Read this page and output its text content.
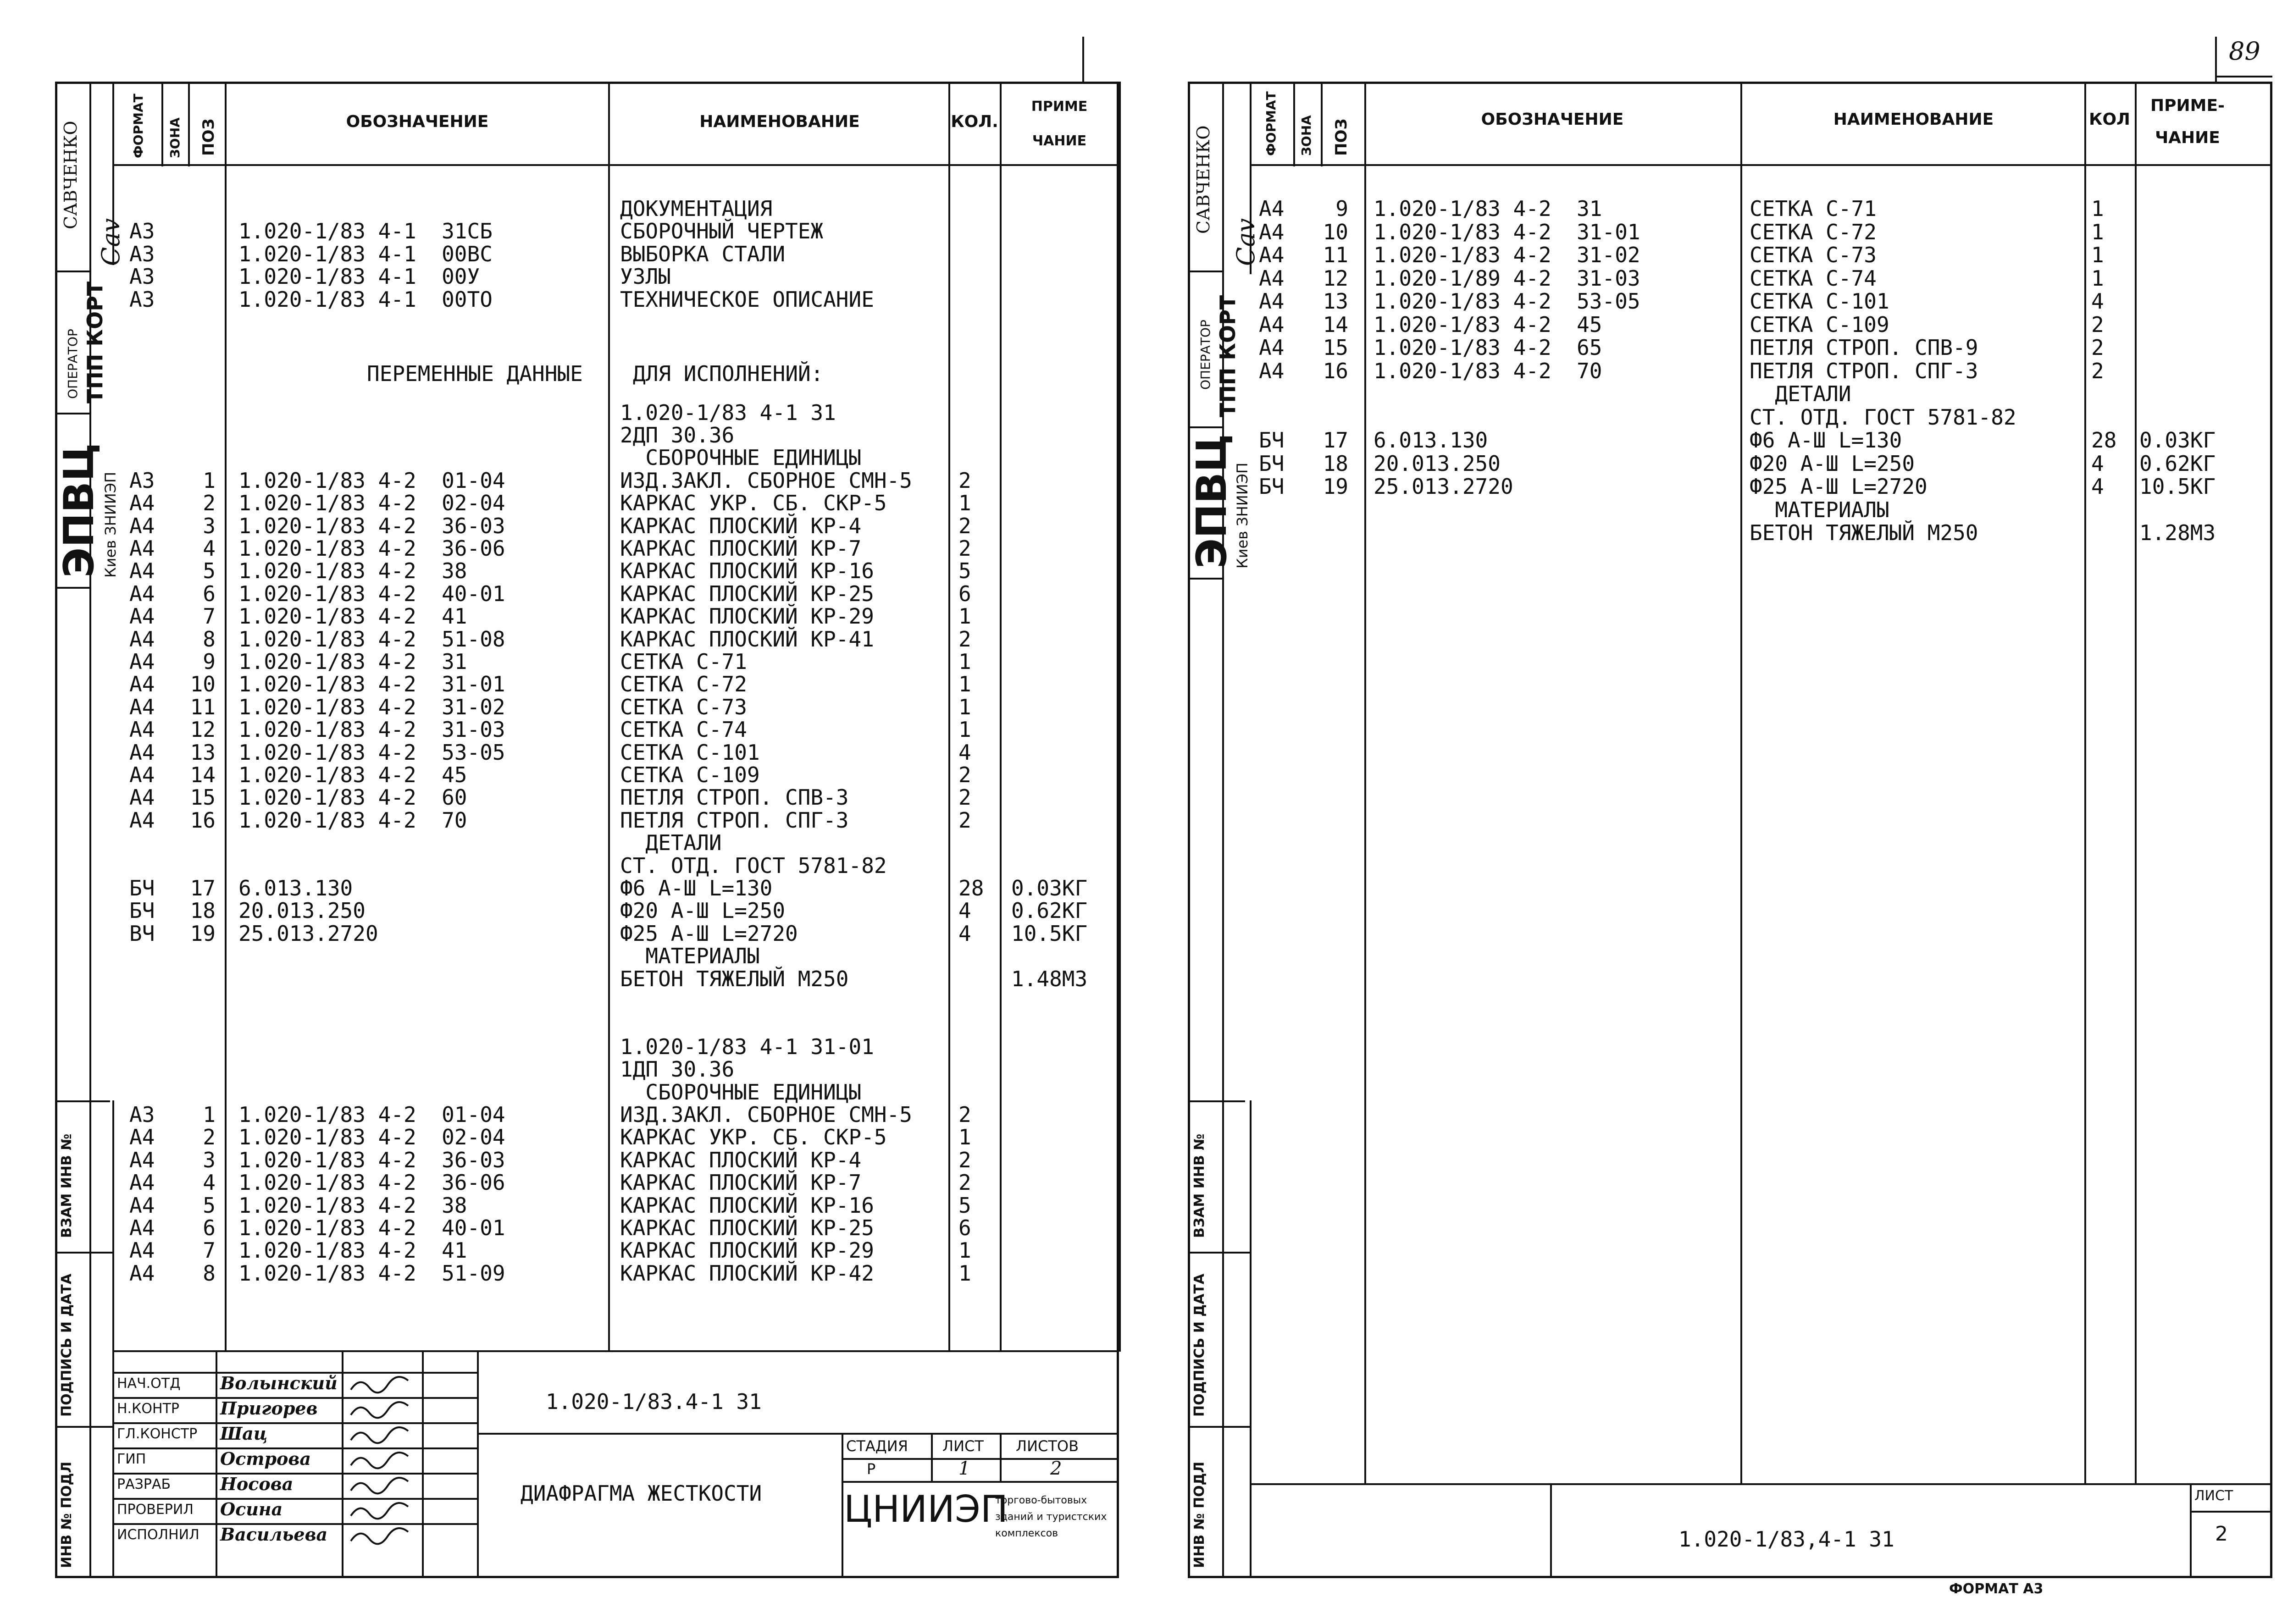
САВЧЕНКО
ОПЕРАТОР ТПП КОРТ
ЭПВЦ
Киев ЗНИИЭП
Сav
ВЗАМ ИНВ №
ПОДПИСЬ И ДАТА
ИНВ № ПОДЛ
ФОРМАТ ЗОНА ПОЗ	ОБОЗНАЧЕНИЕ	НАИМЕНОВАНИЕ	КОЛ.
ПРИМЕ
ЧАНИЕ
ДОКУМЕНТАЦИЯ
А3	1.020-1/83 4-1  31СБ	СБОРОЧНЫЙ ЧЕРТЕЖ
А3	1.020-1/83 4-1  00ВС	ВЫБОРКА СТАЛИ
А3	1.020-1/83 4-1  00У	УЗЛЫ
А3	1.020-1/83 4-1  00ТО	ТЕХНИЧЕСКОЕ ОПИСАНИЕ
1.020-1/83 4-1 31
2ДП 30.36
СБОРОЧНЫЕ ЕДИНИЦЫ
А3	1 1.020-1/83 4-2  01-04	ИЗД.ЗАКЛ. СБОРНОЕ СМН-5 2
А4	2 1.020-1/83 4-2  02-04	КАРКАС УКР. СБ. СКР-5	1
А4	3 1.020-1/83 4-2  36-03	КАРКАС ПЛОСКИЙ КР-4	2
А4	4 1.020-1/83 4-2  36-06	КАРКАС ПЛОСКИЙ КР-7	2
А4	5 1.020-1/83 4-2  38	КАРКАС ПЛОСКИЙ КР-16	5
А4	6 1.020-1/83 4-2  40-01	КАРКАС ПЛОСКИЙ КР-25	6
А4	7 1.020-1/83 4-2  41	КАРКАС ПЛОСКИЙ КР-29	1
А4	8 1.020-1/83 4-2  51-08	КАРКАС ПЛОСКИЙ КР-41	2
А4	9 1.020-1/83 4-2  31	СЕТКА С-71	1
А4	10 1.020-1/83 4-2  31-01	СЕТКА С-72	1
А4	11 1.020-1/83 4-2  31-02	СЕТКА С-73	1
А4	12 1.020-1/83 4-2  31-03	СЕТКА С-74	1
А4	13 1.020-1/83 4-2  53-05	СЕТКА С-101	4
А4	14 1.020-1/83 4-2  45	СЕТКА С-109	2
А4	15 1.020-1/83 4-2  60	ПЕТЛЯ СТРОП. СПВ-3	2
А4	16 1.020-1/83 4-2  70	ПЕТЛЯ СТРОП. СПГ-3	2
ДЕТАЛИ
СТ. ОТД. ГОСТ 5781-82
БЧ	17 6.013.130	Ф6 А-Ш L=130	28 0.03КГ
БЧ	18 20.013.250	Ф20 А-Ш L=250	4 0.62КГ
ВЧ	19 25.013.2720	Ф25 А-Ш L=2720	4 10.5КГ
МАТЕРИАЛЫ
БЕТОН ТЯЖЕЛЫЙ М250	1.48М3
1.020-1/83 4-1 31-01
1ДП 30.36
СБОРОЧНЫЕ ЕДИНИЦЫ
А3	1 1.020-1/83 4-2  01-04	ИЗД.ЗАКЛ. СБОРНОЕ СМН-5 2
А4	2 1.020-1/83 4-2  02-04	КАРКАС УКР. СБ. СКР-5	1
А4	3 1.020-1/83 4-2  36-03	КАРКАС ПЛОСКИЙ КР-4	2
А4	4 1.020-1/83 4-2  36-06	КАРКАС ПЛОСКИЙ КР-7	2
А4	5 1.020-1/83 4-2  38	КАРКАС ПЛОСКИЙ КР-16	5
А4	6 1.020-1/83 4-2  40-01	КАРКАС ПЛОСКИЙ КР-25	6
А4	7 1.020-1/83 4-2  41	КАРКАС ПЛОСКИЙ КР-29	1
А4	8 1.020-1/83 4-2  51-09	КАРКАС ПЛОСКИЙ КР-42	1
ПЕРЕМЕННЫЕ ДАННЫЕ ДЛЯ ИСПОЛНЕНИЙ:
НАЧ.ОТД Волынский
Н.КОНТР Пригорев
ГЛ.КОНСТР Шац
ГИП	Острова
РАЗРАБ	Носова
ПРОВЕРИЛ Осина
ИСПОЛНИЛ Васильева
1.020-1/83.4-1 31
ДИАФРАГМА ЖЕСТКОСТИ
СТАДИЯ ЛИСТ ЛИСТОВ
Р	1	2
ЦНИИЭП
торгово-бытовых зданий и туристских комплексов
89
САВЧЕНКО
ОПЕРАТОР ТПП КОРТ
ЭПВЦ
Киев ЗНИИЭП
Сav
ВЗАМ ИНВ №
ПОДПИСЬ И ДАТА
ИНВ № ПОДЛ
ФОРМАТ ЗОНА ПОЗ	ОБОЗНАЧЕНИЕ	НАИМЕНОВАНИЕ	КОЛ
ПРИМЕ-
ЧАНИЕ
А4	9 1.020-1/83 4-2  31	СЕТКА С-71	1
А4	10 1.020-1/83 4-2  31-01	СЕТКА С-72	1
А4	11 1.020-1/83 4-2  31-02	СЕТКА С-73	1
А4	12 1.020-1/89 4-2  31-03	СЕТКА С-74	1
А4	13 1.020-1/83 4-2  53-05	СЕТКА С-101	4
А4	14 1.020-1/83 4-2  45	СЕТКА С-109	2
А4	15 1.020-1/83 4-2  65	ПЕТЛЯ СТРОП. СПВ-9	2
А4	16 1.020-1/83 4-2  70	ПЕТЛЯ СТРОП. СПГ-3	2
ДЕТАЛИ
СТ. ОТД. ГОСТ 5781-82
БЧ	17 6.013.130	Ф6 А-Ш L=130	28 0.03КГ
БЧ	18 20.013.250	Ф20 А-Ш L=250	4 0.62КГ
БЧ	19 25.013.2720	Ф25 А-Ш L=2720	4 10.5КГ
МАТЕРИАЛЫ
БЕТОН ТЯЖЕЛЫЙ М250	1.28М3
ЛИСТ
2
1.020-1/83,4-1 31
ФОРМАТ А3
